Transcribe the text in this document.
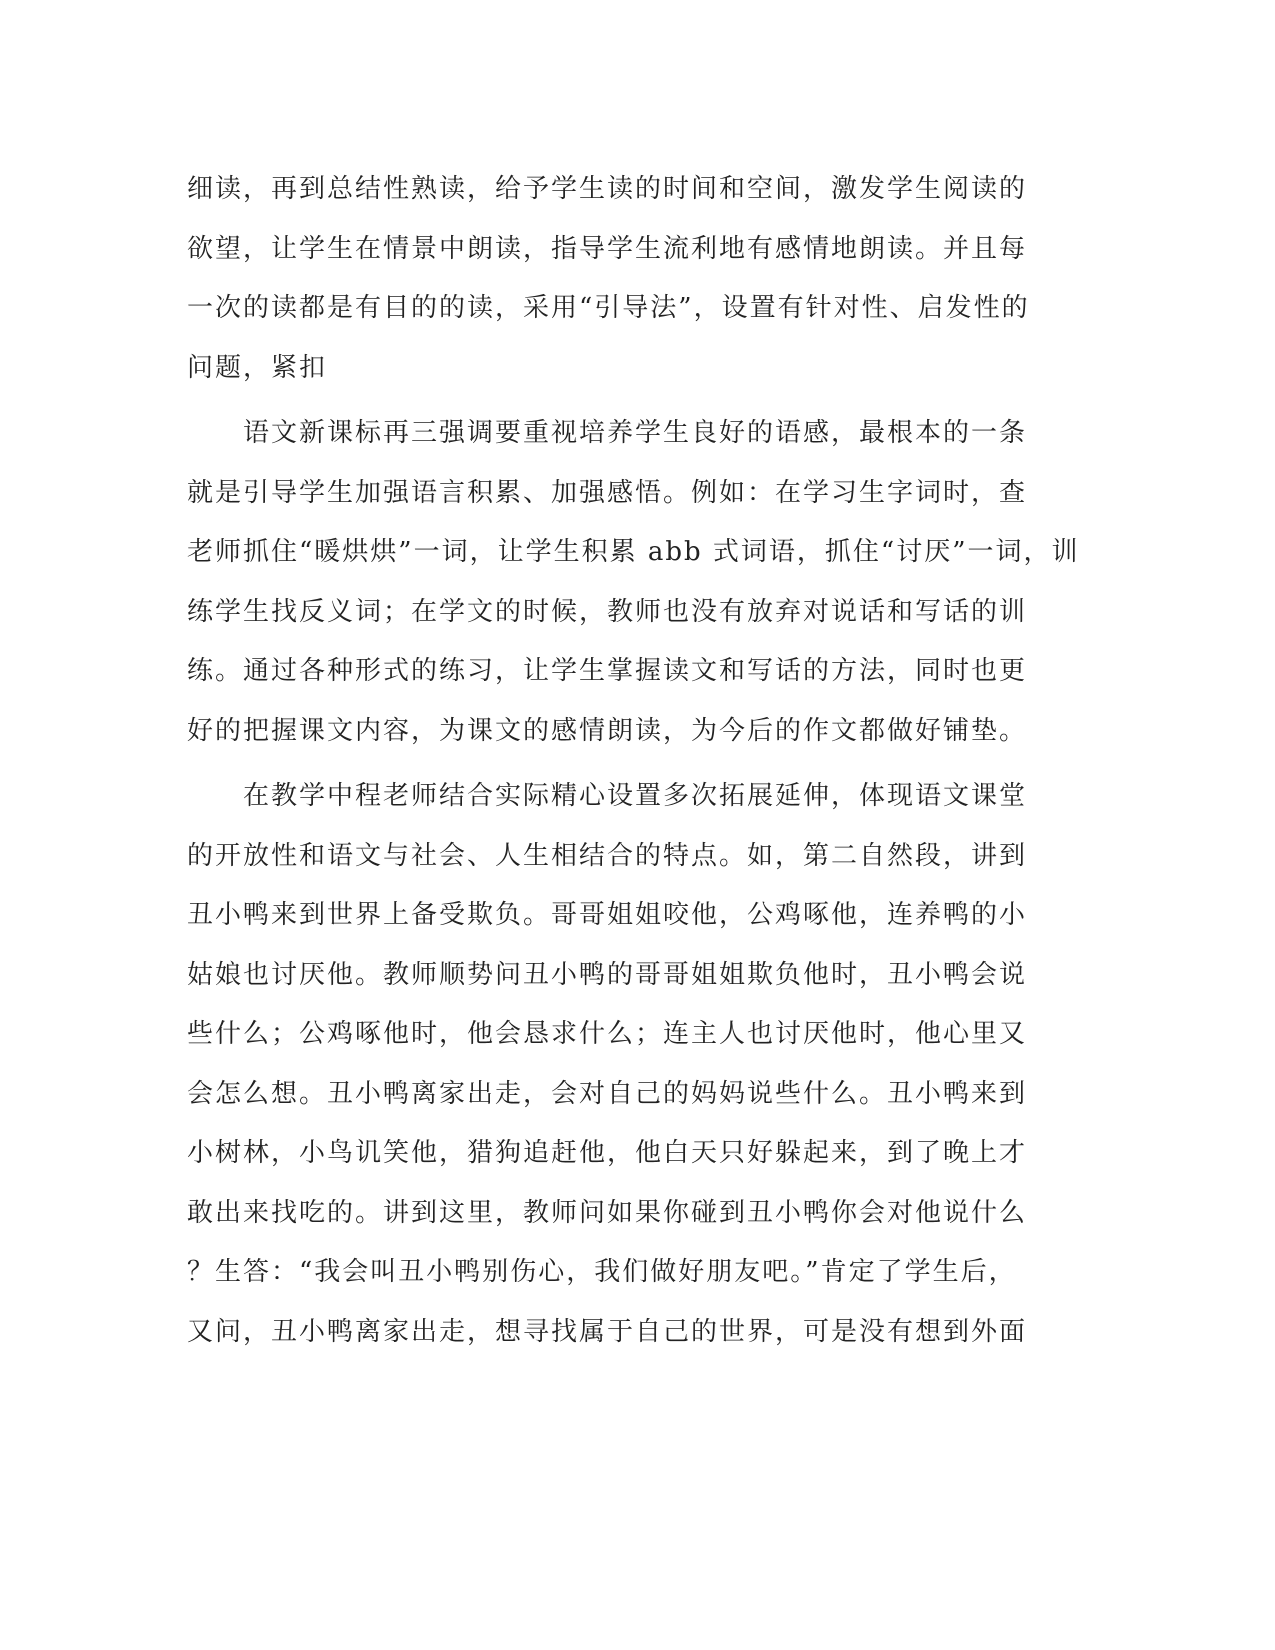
细读，再到总结性熟读，给予学生读的时间和空间，激发学生阅读的
欲望，让学生在情景中朗读，指导学生流利地有感情地朗读。并且每
一次的读都是有目的的读，采用“引导法”，设置有针对性、启发性的
问题，紧扣
　　语文新课标再三强调要重视培养学生良好的语感，最根本的一条
就是引导学生加强语言积累、加强感悟。例如：在学习生字词时，查
老师抓住“暖烘烘”一词，让学生积累 abb 式词语，抓住“讨厌”一词，训
练学生找反义词；在学文的时候，教师也没有放弃对说话和写话的训
练。通过各种形式的练习，让学生掌握读文和写话的方法，同时也更
好的把握课文内容，为课文的感情朗读，为今后的作文都做好铺垫。
　　在教学中程老师结合实际精心设置多次拓展延伸，体现语文课堂
的开放性和语文与社会、人生相结合的特点。如，第二自然段，讲到
丑小鸭来到世界上备受欺负。哥哥姐姐咬他，公鸡啄他，连养鸭的小
姑娘也讨厌他。教师顺势问丑小鸭的哥哥姐姐欺负他时，丑小鸭会说
些什么；公鸡啄他时，他会恳求什么；连主人也讨厌他时，他心里又
会怎么想。丑小鸭离家出走，会对自己的妈妈说些什么。丑小鸭来到
小树林，小鸟讥笑他，猎狗追赶他，他白天只好躲起来，到了晚上才
敢出来找吃的。讲到这里，教师问如果你碰到丑小鸭你会对他说什么
？生答：“我会叫丑小鸭别伤心，我们做好朋友吧。”肯定了学生后，
又问，丑小鸭离家出走，想寻找属于自己的世界，可是没有想到外面
